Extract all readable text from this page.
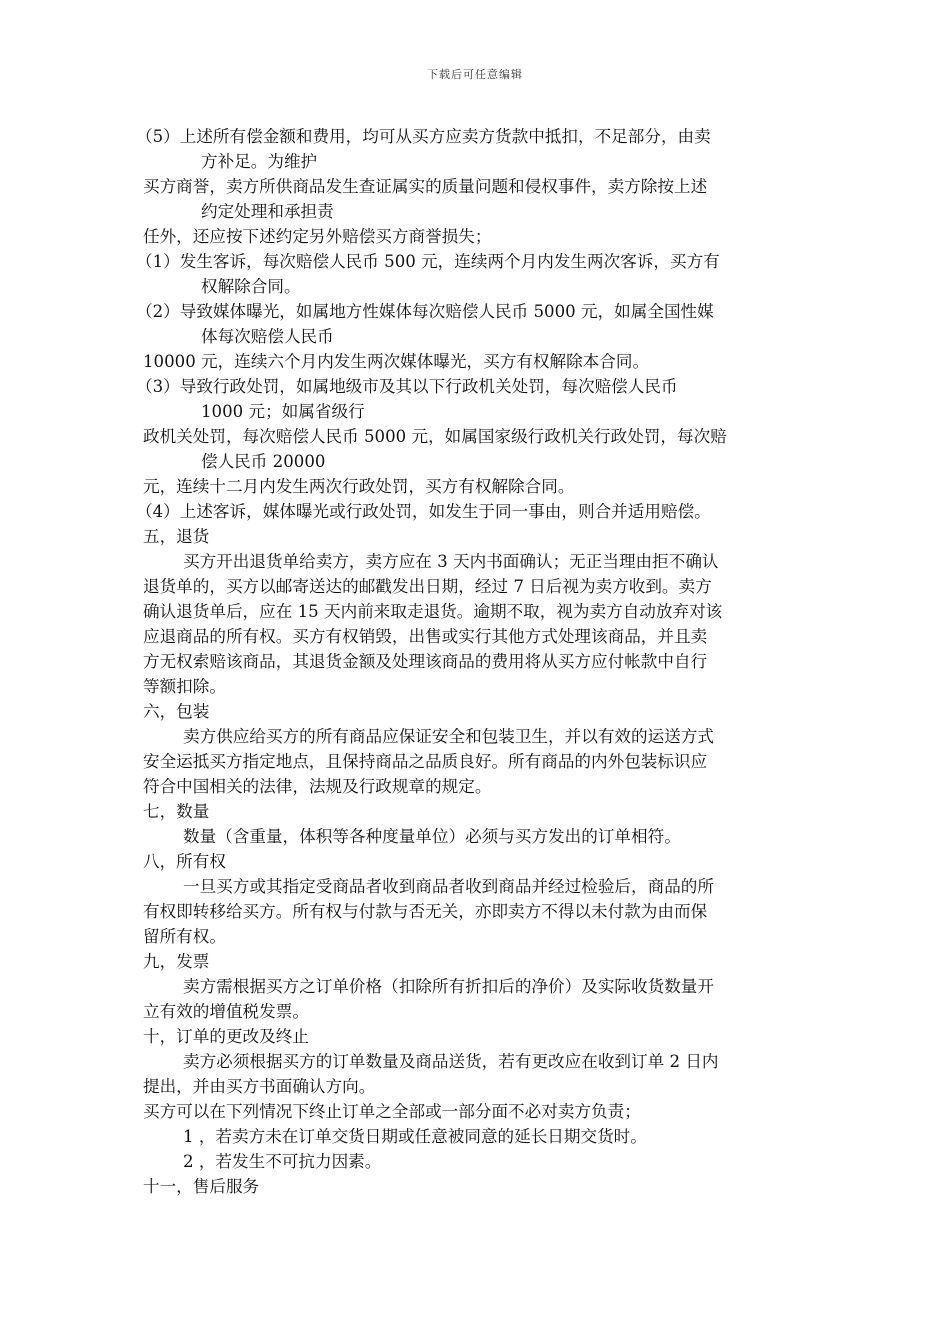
下载后可任意编辑
（5）上述所有偿金额和费用，均可从买方应卖方货款中抵扣，不足部分，由卖
方补足。为维护
买方商誉，卖方所供商品发生查证属实的质量问题和侵权事件，卖方除按上述
约定处理和承担责
任外，还应按下述约定另外赔偿买方商誉损失；
（1）发生客诉，每次赔偿人民币 500 元，连续两个月内发生两次客诉，买方有
权解除合同。
（2）导致媒体曝光，如属地方性媒体每次赔偿人民币 5000 元，如属全国性媒
体每次赔偿人民币
10000 元，连续六个月内发生两次媒体曝光，买方有权解除本合同。
（3）导致行政处罚，如属地级市及其以下行政机关处罚，每次赔偿人民币
1000 元；如属省级行
政机关处罚，每次赔偿人民币 5000 元，如属国家级行政机关行政处罚，每次赔
偿人民币 20000
元，连续十二月内发生两次行政处罚，买方有权解除合同。
（4）上述客诉，媒体曝光或行政处罚，如发生于同一事由，则合并适用赔偿。
五，退货
买方开出退货单给卖方，卖方应在 3 天内书面确认；无正当理由拒不确认
退货单的，买方以邮寄送达的邮戳发出日期，经过 7 日后视为卖方收到。卖方
确认退货单后，应在 15 天内前来取走退货。逾期不取，视为卖方自动放弃对该
应退商品的所有权。买方有权销毁，出售或实行其他方式处理该商品，并且卖
方无权索赔该商品，其退货金额及处理该商品的费用将从买方应付帐款中自行
等额扣除。
六，包装
卖方供应给买方的所有商品应保证安全和包装卫生，并以有效的运送方式
安全运抵买方指定地点，且保持商品之品质良好。所有商品的内外包装标识应
符合中国相关的法律，法规及行政规章的规定。
七，数量
数量（含重量，体积等各种度量单位）必须与买方发出的订单相符。
八，所有权
一旦买方或其指定受商品者收到商品者收到商品并经过检验后，商品的所
有权即转移给买方。所有权与付款与否无关，亦即卖方不得以未付款为由而保
留所有权。
九，发票
卖方需根据买方之订单价格（扣除所有折扣后的净价）及实际收货数量开
立有效的增值税发票。
十，订单的更改及终止
卖方必须根据买方的订单数量及商品送货，若有更改应在收到订单 2 日内
提出，并由买方书面确认方向。
买方可以在下列情况下终止订单之全部或一部分面不必对卖方负责；
1 ，若卖方未在订单交货日期或任意被同意的延长日期交货时。
2 ，若发生不可抗力因素。
十一，售后服务
